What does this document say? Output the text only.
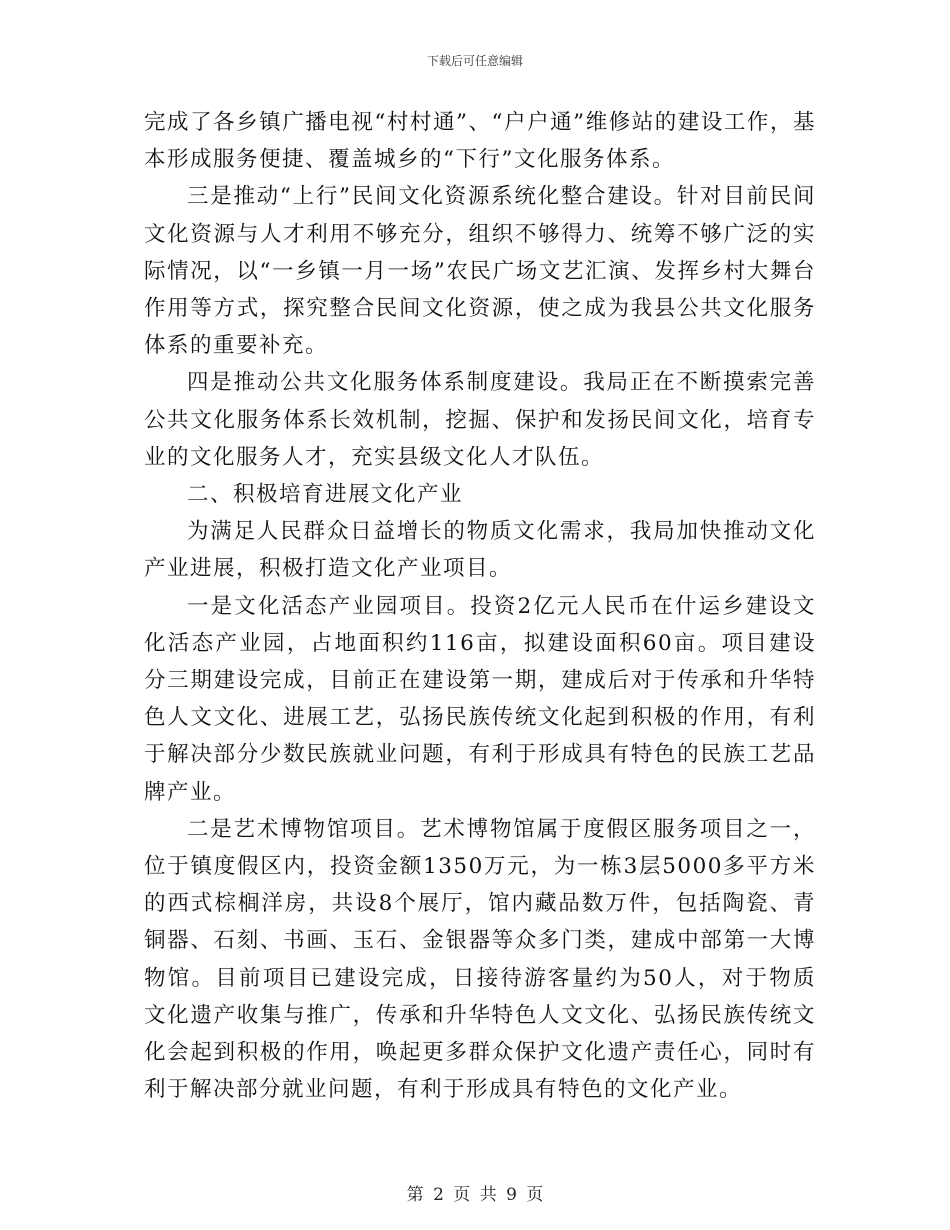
下载后可任意编辑

完成了各乡镇广播电视“村村通”、“户户通”维修站的建设工作，基本形成服务便捷、覆盖城乡的“下行”文化服务体系。

三是推动“上行”民间文化资源系统化整合建设。针对目前民间文化资源与人才利用不够充分，组织不够得力、统筹不够广泛的实际情况，以“一乡镇一月一场”农民广场文艺汇演、发挥乡村大舞台作用等方式，探究整合民间文化资源，使之成为我县公共文化服务体系的重要补充。

四是推动公共文化服务体系制度建设。我局正在不断摸索完善公共文化服务体系长效机制，挖掘、保护和发扬民间文化，培育专业的文化服务人才，充实县级文化人才队伍。

二、积极培育进展文化产业

为满足人民群众日益增长的物质文化需求，我局加快推动文化产业进展，积极打造文化产业项目。

一是文化活态产业园项目。投资2亿元人民币在什运乡建设文化活态产业园，占地面积约116亩，拟建设面积60亩。项目建设分三期建设完成，目前正在建设第一期，建成后对于传承和升华特色人文文化、进展工艺，弘扬民族传统文化起到积极的作用，有利于解决部分少数民族就业问题，有利于形成具有特色的民族工艺品牌产业。

二是艺术博物馆项目。艺术博物馆属于度假区服务项目之一，位于镇度假区内，投资金额1350万元，为一栋3层5000多平方米的西式棕榈洋房，共设8个展厅，馆内藏品数万件，包括陶瓷、青铜器、石刻、书画、玉石、金银器等众多门类，建成中部第一大博物馆。目前项目已建设完成，日接待游客量约为50人，对于物质文化遗产收集与推广，传承和升华特色人文文化、弘扬民族传统文化会起到积极的作用，唤起更多群众保护文化遗产责任心，同时有利于解决部分就业问题，有利于形成具有特色的文化产业。

第 2 页 共 9 页
